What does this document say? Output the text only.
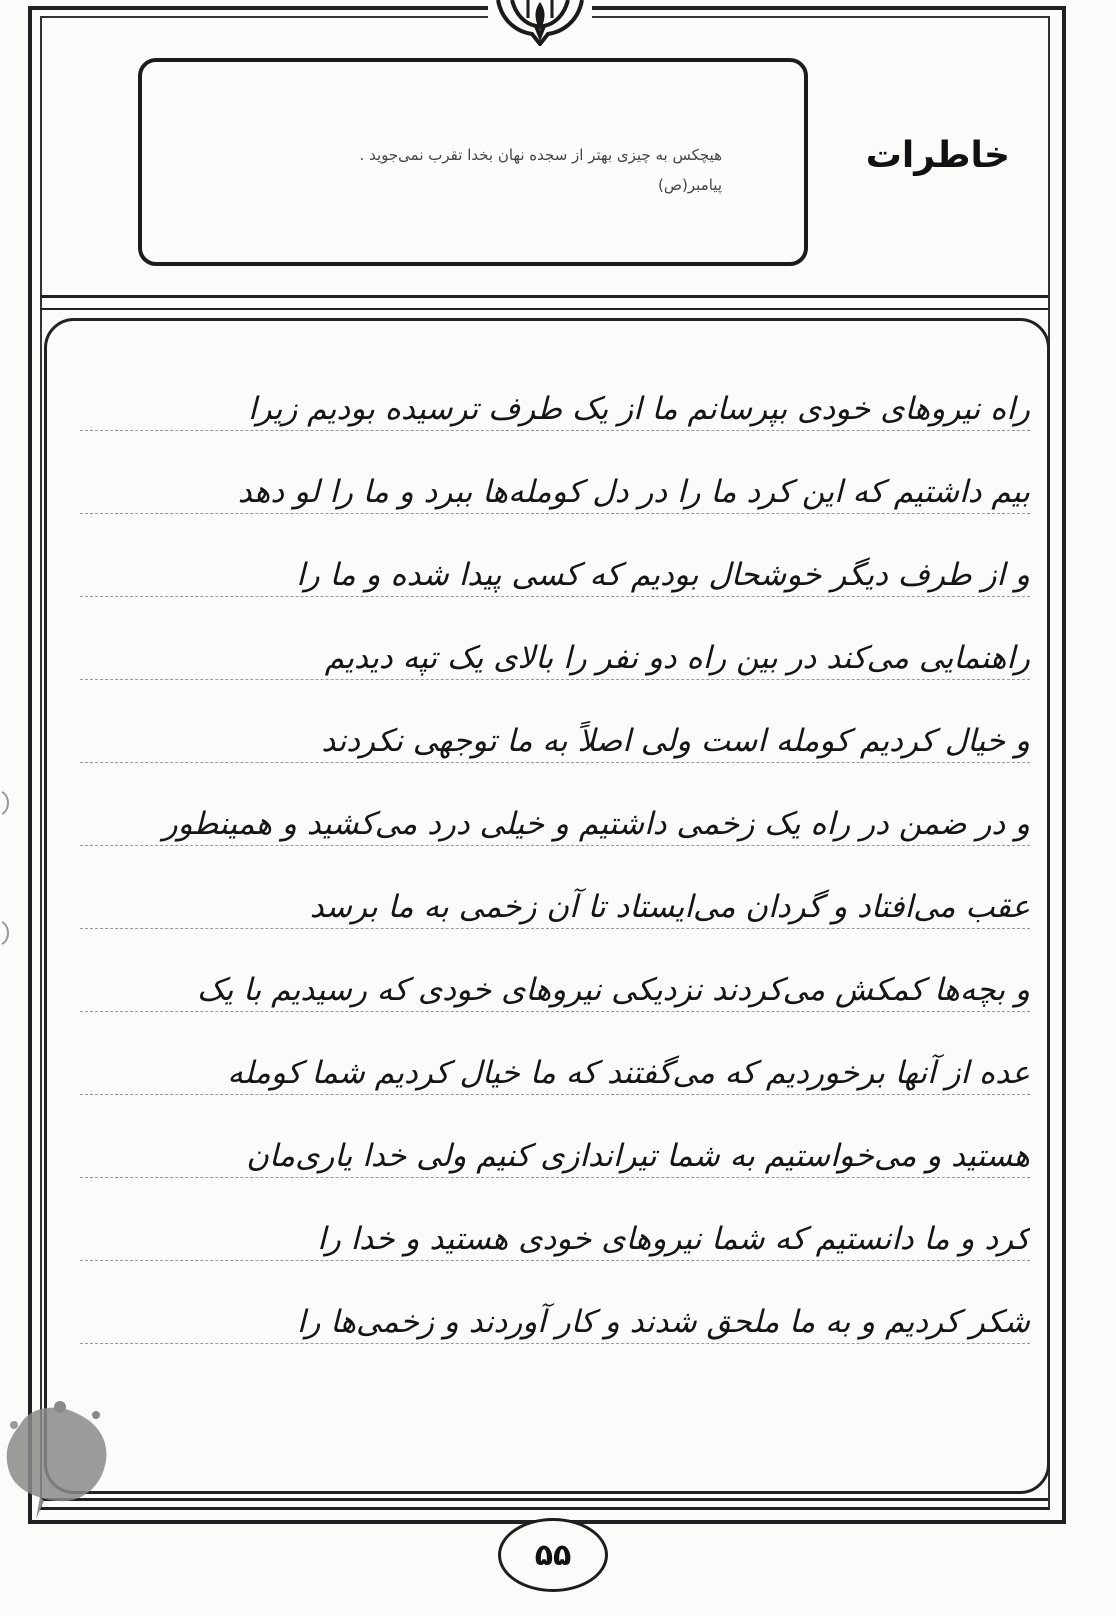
هیچکس به چیزی بهتر از سجده نهان بخدا تقرب نمی‌جوید .
پیامبر(ص)
خاطرات
راه نیروهای خودی بپرسانم ما از یک طرف ترسیده بودیم زیرا
بیم داشتیم که این کرد ما را در دل کومله‌ها ببرد و ما را لو دهد
و از طرف دیگر خوشحال بودیم که کسی پیدا شده و ما را
راهنمایی می‌کند در بین راه دو نفر را بالای یک تپه دیدیم
و خیال کردیم کومله است ولی اصلاً به ما توجهی نکردند
و در ضمن در راه یک زخمی داشتیم و خیلی درد می‌کشید و همینطور
عقب می‌افتاد و گردان می‌ایستاد تا آن زخمی به ما برسد
و بچه‌ها کمکش می‌کردند نزدیکی نیروهای خودی که رسیدیم با یک
عده از آنها برخوردیم که می‌گفتند که ما خیال کردیم شما کومله
هستید و می‌خواستیم به شما تیراندازی کنیم ولی خدا یاری‌مان
کرد و ما دانستیم که شما نیروهای خودی هستید و خدا را
شکر کردیم و به ما ملحق شدند و کار آوردند و زخمی‌ها را
۵۵
